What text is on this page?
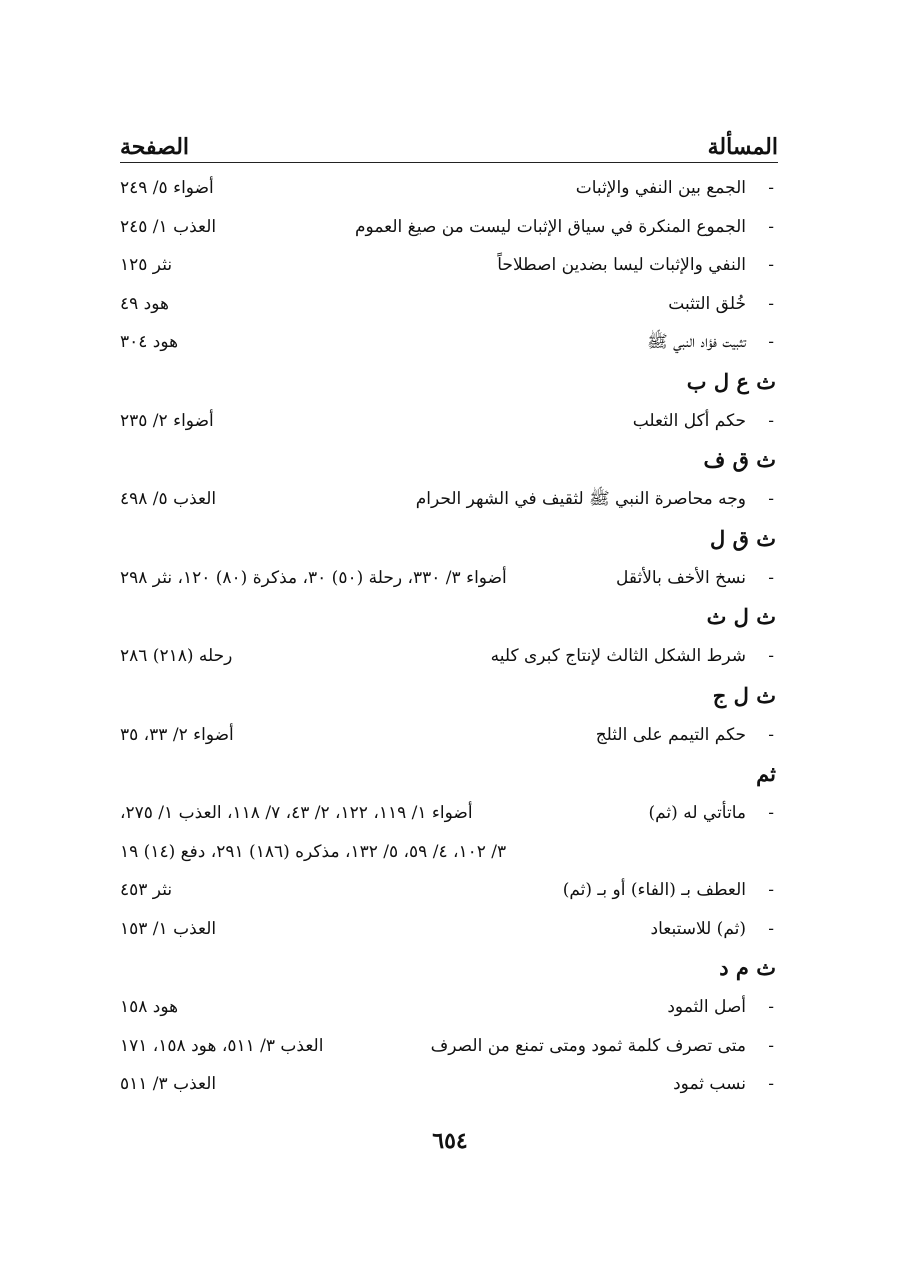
المسألة
الصفحة
-
الجمع بين النفي والإثبات
أضواء ٥/ ٢٤٩
-
الجموع المنكرة في سياق الإثبات ليست من صيغ العموم
العذب ١/ ٢٤٥
-
النفي والإثبات ليسا بضدين اصطلاحاً
نثر ١٢٥
-
خُلق التثبت
هود ٤٩
-
تثبيت فؤاد النبي ﷺ
هود ٣٠٤
ث ع ل ب
-
حكم أكل الثعلب
أضواء ٢/ ٢٣٥
ث ق ف
-
وجه محاصرة النبي ﷺ لثقيف في الشهر الحرام
العذب ٥/ ٤٩٨
ث ق ل
-
نسخ الأخف بالأثقل
أضواء ٣/ ٣٣٠، رحلة (٥٠) ٣٠، مذكرة (٨٠) ١٢٠، نثر ٢٩٨
ث ل ث
-
شرط الشكل الثالث لإنتاج كبرى كليه
رحله (٢١٨) ٢٨٦
ث ل ج
-
حكم التيمم على الثلج
أضواء ٢/ ٣٣، ٣٥
ثم
-
ماتأتي له (ثم)
أضواء ١/ ١١٩، ١٢٢، ٢/ ٤٣، ٧/ ١١٨، العذب ١/ ٢٧٥،
٣/ ١٠٢، ٤/ ٥٩، ٥/ ١٣٢، مذكره (١٨٦) ٢٩١، دفع (١٤) ١٩
-
العطف بـ (الفاء) أو بـ (ثم)
نثر ٤٥٣
-
(ثم) للاستبعاد
العذب ١/ ١٥٣
ث م د
-
أصل الثمود
هود ١٥٨
-
متى تصرف كلمة ثمود ومتى تمنع من الصرف
العذب ٣/ ٥١١، هود ١٥٨، ١٧١
-
نسب ثمود
العذب ٣/ ٥١١
٦٥٤
